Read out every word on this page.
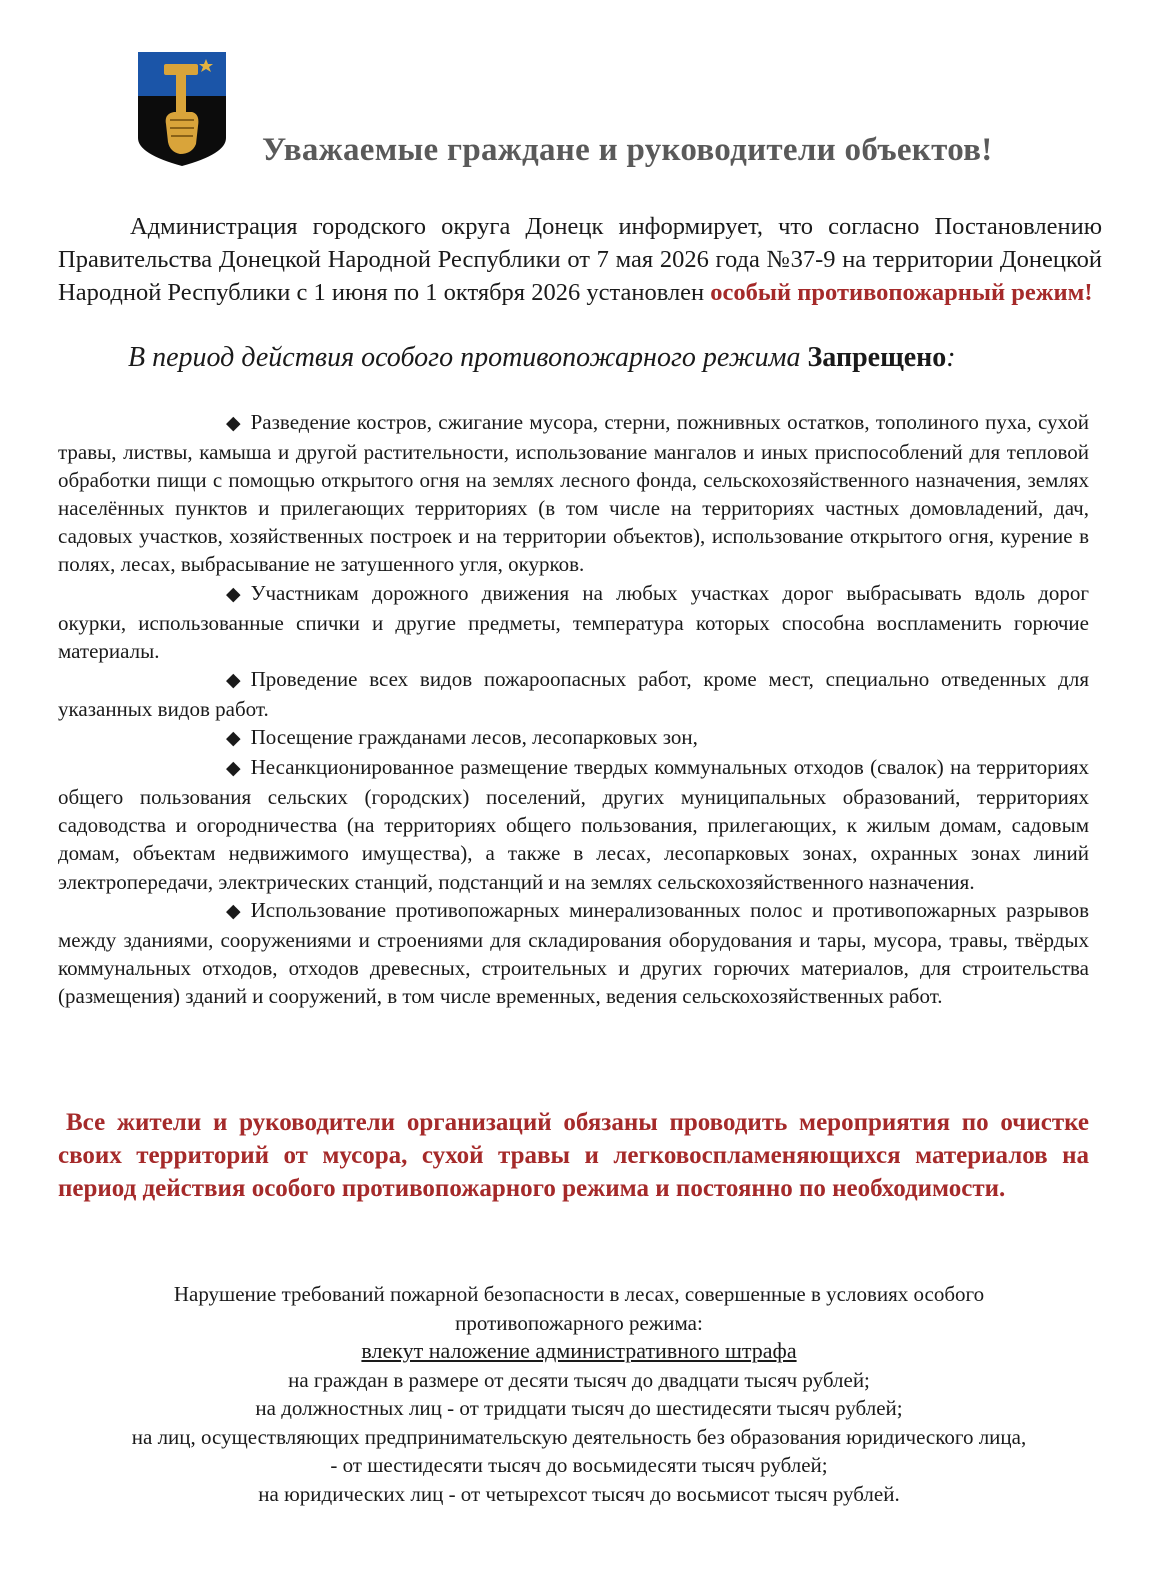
Уважаемые граждане и руководители объектов!
Администрация городского округа Донецк информирует, что согласно Постановлению Правительства Донецкой Народной Республики от 7 мая 2026 года №37-9 на территории Донецкой Народной Республики с 1 июня по 1 октября 2026 установлен особый противопожарный режим!
В период действия особого противопожарного режима Запрещено:

◆ Разведение костров, сжигание мусора, стерни, пожнивных остатков, тополиного пуха, сухой травы, листвы, камыша и другой растительности, использование мангалов и иных приспособлений для тепловой обработки пищи с помощью открытого огня на землях лесного фонда, сельскохозяйственного назначения, землях населённых пунктов и прилегающих территориях (в том числе на территориях частных домовладений, дач, садовых участков, хозяйственных построек и на территории объектов), использование открытого огня, курение в полях, лесах, выбрасывание не затушенного угля, окурков.

◆ Участникам дорожного движения на любых участках дорог выбрасывать вдоль дорог окурки, использованные спички и другие предметы, температура которых способна воспламенить горючие материалы.

◆ Проведение всех видов пожароопасных работ, кроме мест, специально отведенных для указанных видов работ.

◆ Посещение гражданами лесов, лесопарковых зон,

◆ Несанкционированное размещение твердых коммунальных отходов (свалок) на территориях общего пользования сельских (городских) поселений, других муниципальных образований, территориях садоводства и огородничества (на территориях общего пользования, прилегающих, к жилым домам, садовым домам, объектам недвижимого имущества), а также в лесах, лесопарковых зонах, охранных зонах линий электропередачи, электрических станций, подстанций и на землях сельскохозяйственного назначения.

◆ Использование противопожарных минерализованных полос и противопожарных разрывов между зданиями, сооружениями и строениями для складирования оборудования и тары, мусора, травы, твёрдых коммунальных отходов, отходов древесных, строительных и других горючих материалов, для строительства (размещения) зданий и сооружений, в том числе временных, ведения сельскохозяйственных работ.

Все жители и руководители организаций обязаны проводить мероприятия по очистке своих территорий от мусора, сухой травы и легковоспламеняющихся материалов на период действия особого противопожарного режима и постоянно по необходимости.

Нарушение требований пожарной безопасности в лесах, совершенные в условиях особого противопожарного режима:

влекут наложение административного штрафа

на граждан в размере от десяти тысяч до двадцати тысяч рублей;

на должностных лиц - от тридцати тысяч до шестидесяти тысяч рублей;

на лиц, осуществляющих предпринимательскую деятельность без образования юридического лица,

- от шестидесяти тысяч до восьмидесяти тысяч рублей;

на юридических лиц - от четырехсот тысяч до восьмисот тысяч рублей.
